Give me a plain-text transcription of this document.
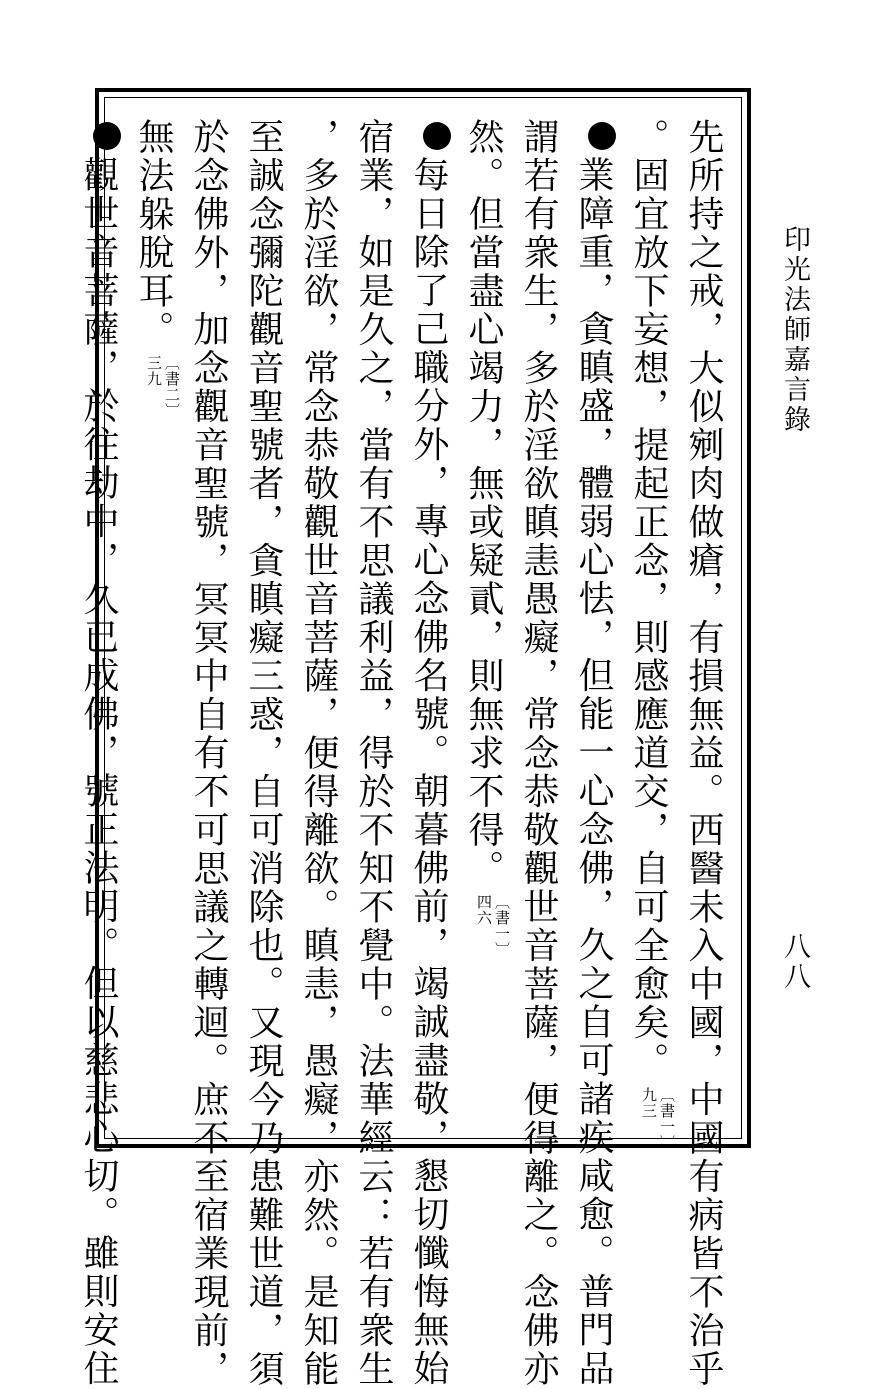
印光法師嘉言錄
八八

先所持之戒，大似剜肉做瘡，有損無益。西醫未入中國，中國有病皆不治乎

。固宜放下妄想，提起正念，則感應道交，自可全愈矣。
〔書一〕
九三

業障重，貪瞋盛，體弱心怯，但能一心念佛，久之自可諸疾咸愈。普門品

謂若有衆生，多於淫欲瞋恚愚癡，常念恭敬觀世音菩薩，便得離之。念佛亦

然。但當盡心竭力，無或疑貳，則無求不得。
〔書一〕
四六

每日除了己職分外，專心念佛名號。朝暮佛前，竭誠盡敬，懇切懺悔無始

宿業，如是久之，當有不思議利益，得於不知不覺中。法華經云：若有衆生

，多於淫欲，常念恭敬觀世音菩薩，便得離欲。瞋恚，愚癡，亦然。是知能

至誠念彌陀觀音聖號者，貪瞋癡三惑，自可消除也。又現今乃患難世道，須

於念佛外，加念觀音聖號，冥冥中自有不可思議之轉迴。庶不至宿業現前，

無法躲脫耳。
〔書二〕
三九

觀世音菩薩，於往劫中，久已成佛，號正法明。但以慈悲心切。雖則安住
